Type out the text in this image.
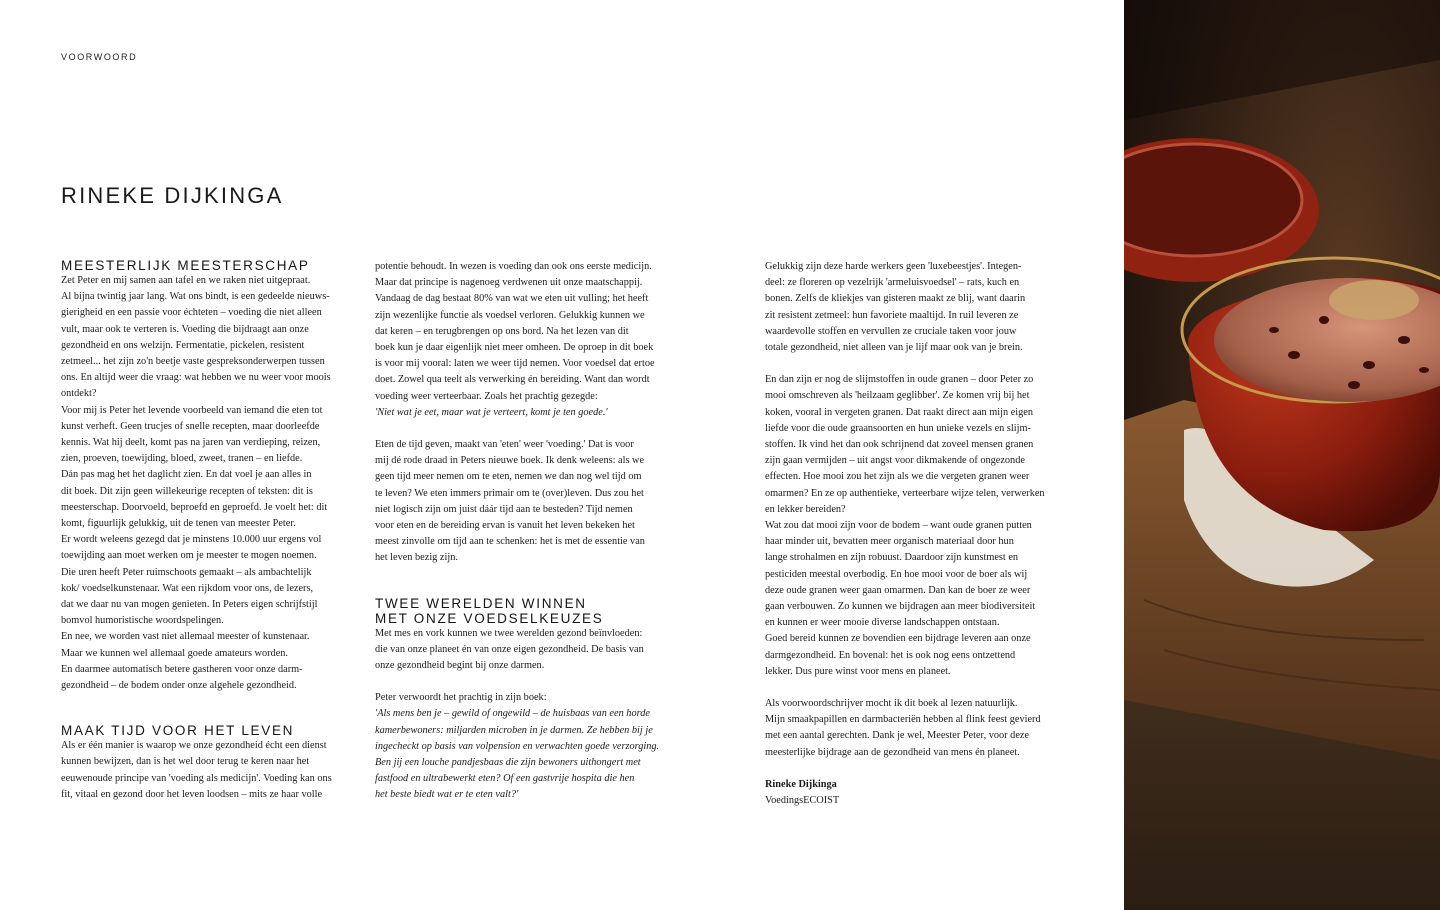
VOORWOORD
RINEKE DIJKINGA
MEESTERLIJK MEESTERSCHAP

Zet Peter en mij samen aan tafel en we raken niet uitgepraat.
Al bijna twintig jaar lang. Wat ons bindt, is een gedeelde nieuws-
gierigheid en een passie voor échteten – voeding die niet alleen
vult, maar ook te verteren is. Voeding die bijdraagt aan onze
gezondheid en ons welzijn. Fermentatie, pickelen, resistent
zetmeel... het zijn zo'n beetje vaste gespreksonderwerpen tussen
ons. En altijd weer die vraag: wat hebben we nu weer voor moois
ontdekt?

Voor mij is Peter het levende voorbeeld van iemand die eten tot
kunst verheft. Geen trucjes of snelle recepten, maar doorleefde
kennis. Wat hij deelt, komt pas na jaren van verdieping, reizen,
zien, proeven, toewijding, bloed, zweet, tranen – en liefde.
Dán pas mag het het daglicht zien. En dat voel je aan alles in
dit boek. Dit zijn geen willekeurige recepten of teksten: dit is
meesterschap. Doorvoeld, beproefd en geproefd. Je voelt het: dit
komt, figuurlijk gelukkig, uit de tenen van meester Peter.

Er wordt weleens gezegd dat je minstens 10.000 uur ergens vol
toewijding aan moet werken om je meester te mogen noemen.
Die uren heeft Peter ruimschoots gemaakt – als ambachtelijk
kok/ voedselkunstenaar. Wat een rijkdom voor ons, de lezers,
dat we daar nu van mogen genieten. In Peters eigen schrijfstijl
bomvol humoristische woordspelingen.

En nee, we worden vast niet allemaal meester of kunstenaar.
Maar we kunnen wel allemaal goede amateurs worden.
En daarmee automatisch betere gastheren voor onze darm-
gezondheid – de bodem onder onze algehele gezondheid.

MAAK TIJD VOOR HET LEVEN

Als er één manier is waarop we onze gezondheid écht een dienst
kunnen bewijzen, dan is het wel door terug te keren naar het
eeuwenoude principe van 'voeding als medicijn'. Voeding kan ons
fit, vitaal en gezond door het leven loodsen – mits ze haar volle

potentie behoudt. In wezen is voeding dan ook ons eerste medicijn.
Maar dat principe is nagenoeg verdwenen uit onze maatschappij.
Vandaag de dag bestaat 80% van wat we eten uit vulling; het heeft
zijn wezenlijke functie als voedsel verloren. Gelukkig kunnen we
dat keren – en terugbrengen op ons bord. Na het lezen van dit
boek kun je daar eigenlijk niet meer omheen. De oproep in dit boek
is voor mij vooral: laten we weer tijd nemen. Voor voedsel dat ertoe
doet. Zowel qua teelt als verwerking én bereiding. Want dan wordt
voeding weer verteerbaar. Zoals het prachtig gezegde:

'Niet wat je eet, maar wat je verteert, komt je ten goede.'

Eten de tijd geven, maakt van 'eten' weer 'voeding.' Dat is voor
mij dé rode draad in Peters nieuwe boek. Ik denk weleens: als we
geen tijd meer nemen om te eten, nemen we dan nog wel tijd om
te leven? We eten immers primair om te (over)leven. Dus zou het
niet logisch zijn om juist dáár tijd aan te besteden? Tijd nemen
voor eten en de bereiding ervan is vanuit het leven bekeken het
meest zinvolle om tijd aan te schenken: het is met de essentie van
het leven bezig zijn.

TWEE WERELDEN WINNEN
MET ONZE VOEDSELKEUZES

Met mes en vork kunnen we twee werelden gezond beïnvloeden:
die van onze planeet én van onze eigen gezondheid. De basis van
onze gezondheid begint bij onze darmen.

Peter verwoordt het prachtig in zijn boek:

'Als mens ben je – gewild of ongewild – de huisbaas van een horde
kamerbewoners: miljarden microben in je darmen. Ze hebben bij je
ingecheckt op basis van volpension en verwachten goede verzorging.
Ben jij een louche pandjesbaas die zijn bewoners uithongert met
fastfood en ultrabewerkt eten? Of een gastvrije hospita die hen
het beste biedt wat er te eten valt?'

Gelukkig zijn deze harde werkers geen 'luxebeestjes'. Integen-
deel: ze floreren op vezelrijk 'armeluisvoedsel' – rats, kuch en
bonen. Zelfs de kliekjes van gisteren maakt ze blij, want daarin
zit resistent zetmeel: hun favoriete maaltijd. In ruil leveren ze
waardevolle stoffen en vervullen ze cruciale taken voor jouw
totale gezondheid, niet alleen van je lijf maar ook van je brein.

En dan zijn er nog de slijmstoffen in oude granen – door Peter zo
mooi omschreven als 'heilzaam geglibber'. Ze komen vrij bij het
koken, vooral in vergeten granen. Dat raakt direct aan mijn eigen
liefde voor die oude graansoorten en hun unieke vezels en slijm-
stoffen. Ik vind het dan ook schrijnend dat zoveel mensen granen
zijn gaan vermijden – uit angst voor dikmakende of ongezonde
effecten. Hoe mooi zou het zijn als we die vergeten granen weer
omarmen? En ze op authentieke, verteerbare wijze telen, verwerken
en lekker bereiden?

Wat zou dat mooi zijn voor de bodem – want oude granen putten
haar minder uit, bevatten meer organisch materiaal door hun
lange strohalmen en zijn robuust. Daardoor zijn kunstmest en
pesticiden meestal overbodig. En hoe mooi voor de boer als wij
deze oude granen weer gaan omarmen. Dan kan de boer ze weer
gaan verbouwen. Zo kunnen we bijdragen aan meer biodiversiteit
en kunnen er weer mooie diverse landschappen ontstaan.

Goed bereid kunnen ze bovendien een bijdrage leveren aan onze
darmgezondheid. En bovenal: het is ook nog eens ontzettend
lekker. Dus pure winst voor mens en planeet.

Als voorwoordschrijver mocht ik dit boek al lezen natuurlijk.
Mijn smaakpapillen en darmbacteriën hebben al flink feest gevierd
met een aantal gerechten. Dank je wel, Meester Peter, voor deze
meesterlijke bijdrage aan de gezondheid van mens én planeet.

Rineke Dijkinga

VoedingsECOIST
